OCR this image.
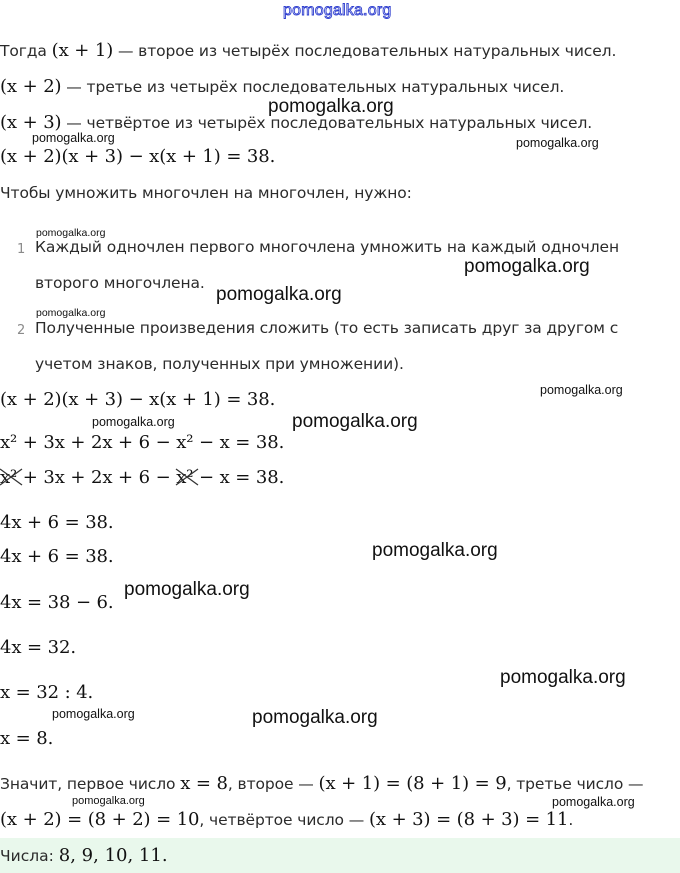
pomogalka.org
Тогда (x + 1) — второе из четырёх последовательных натуральных чисел.
(x + 2) — третье из четырёх последовательных натуральных чисел.
(x + 3) — четвёртое из четырёх последовательных натуральных чисел.
(x + 2)(x + 3) − x(x + 1) = 38.
Чтобы умножить многочлен на многочлен, нужно:
1 Каждый одночлен первого многочлена умножить на каждый одночлен
второго многочлена.
2 Полученные произведения сложить (то есть записать друг за другом с
учетом знаков, полученных при умножении).
(x + 2)(x + 3) − x(x + 1) = 38.
x² + 3x + 2x + 6 − x² − x = 38.
x²
+ 3x + 2x + 6 − x²
− x = 38.
4x + 6 = 38.
4x + 6 = 38.
4x = 38 − 6.
4x = 32.
x = 32 : 4.
x = 8.
Значит, первое число x = 8, второе — (x + 1) = (8 + 1) = 9, третье число —
(x + 2) = (8 + 2) = 10, четвёртое число — (x + 3) = (8 + 3) = 11.
Числа: 8, 9, 10, 11.
pomogalka.org
pomogalka.org	pomogalka.org
pomogalka.org
pomogalka.org
pomogalka.org
pomogalka.org
pomogalka.org
pomogalka.org	pomogalka.org
pomogalka.org
pomogalka.org
pomogalka.org
pomogalka.org	pomogalka.org
pomogalka.org	pomogalka.org
